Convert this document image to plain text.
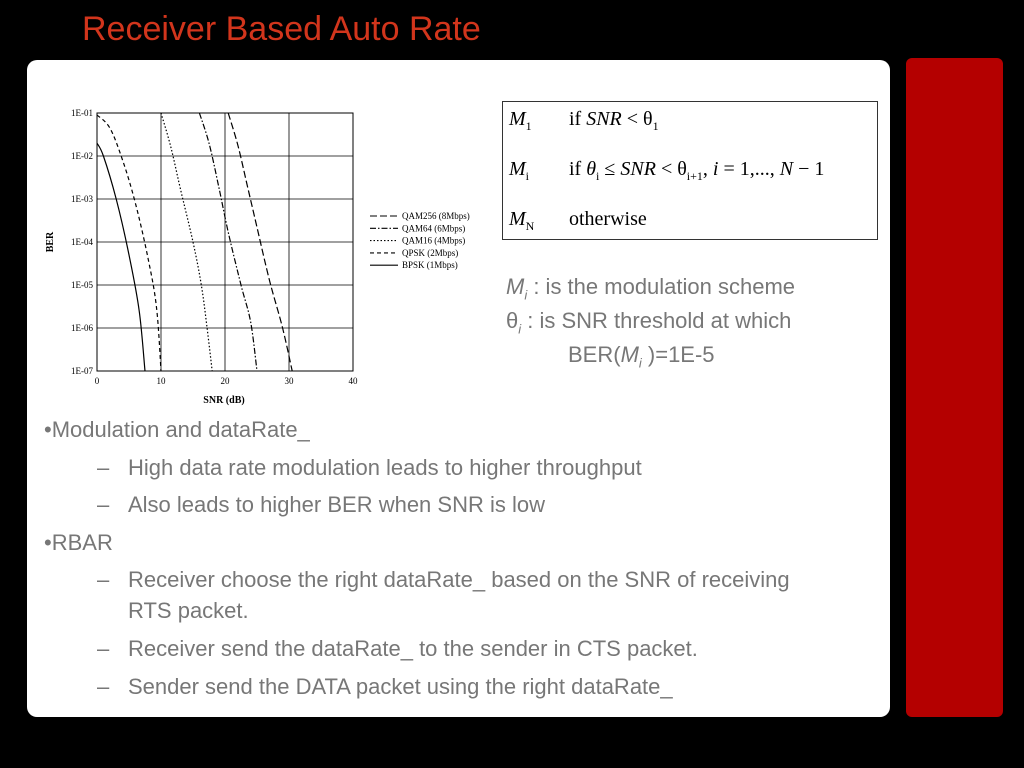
Receiver Based Auto Rate
1E-01
1E-02
1E-03
1E-04
1E-05
1E-06
1E-07
0	10	20	30	40
BER
SNR (dB)
QAM256 (8Mbps)
QAM64 (6Mbps)
QAM16 (4Mbps)
QPSK (2Mbps)
BPSK (1Mbps)
$M_1$ if SNR < $\theta_1$
$M_i$ if $\theta_i$ ≤ SNR < $\theta_{i+1}$, i = 1,..., N − 1
$M_N$ otherwise
$M_i$ : is the modulation scheme
$\theta_i$ : is SNR threshold at which
$BER(M_i$ )=1E-5
•Modulation and dataRate_
– High data rate modulation leads to higher throughput
– Also leads to higher BER when SNR is low
•RBAR
– Receiver choose the right dataRate_ based on the SNR of receiving
RTS packet.
– Receiver send the dataRate_ to the sender in CTS packet.
– Sender send the DATA packet using the right dataRate_
